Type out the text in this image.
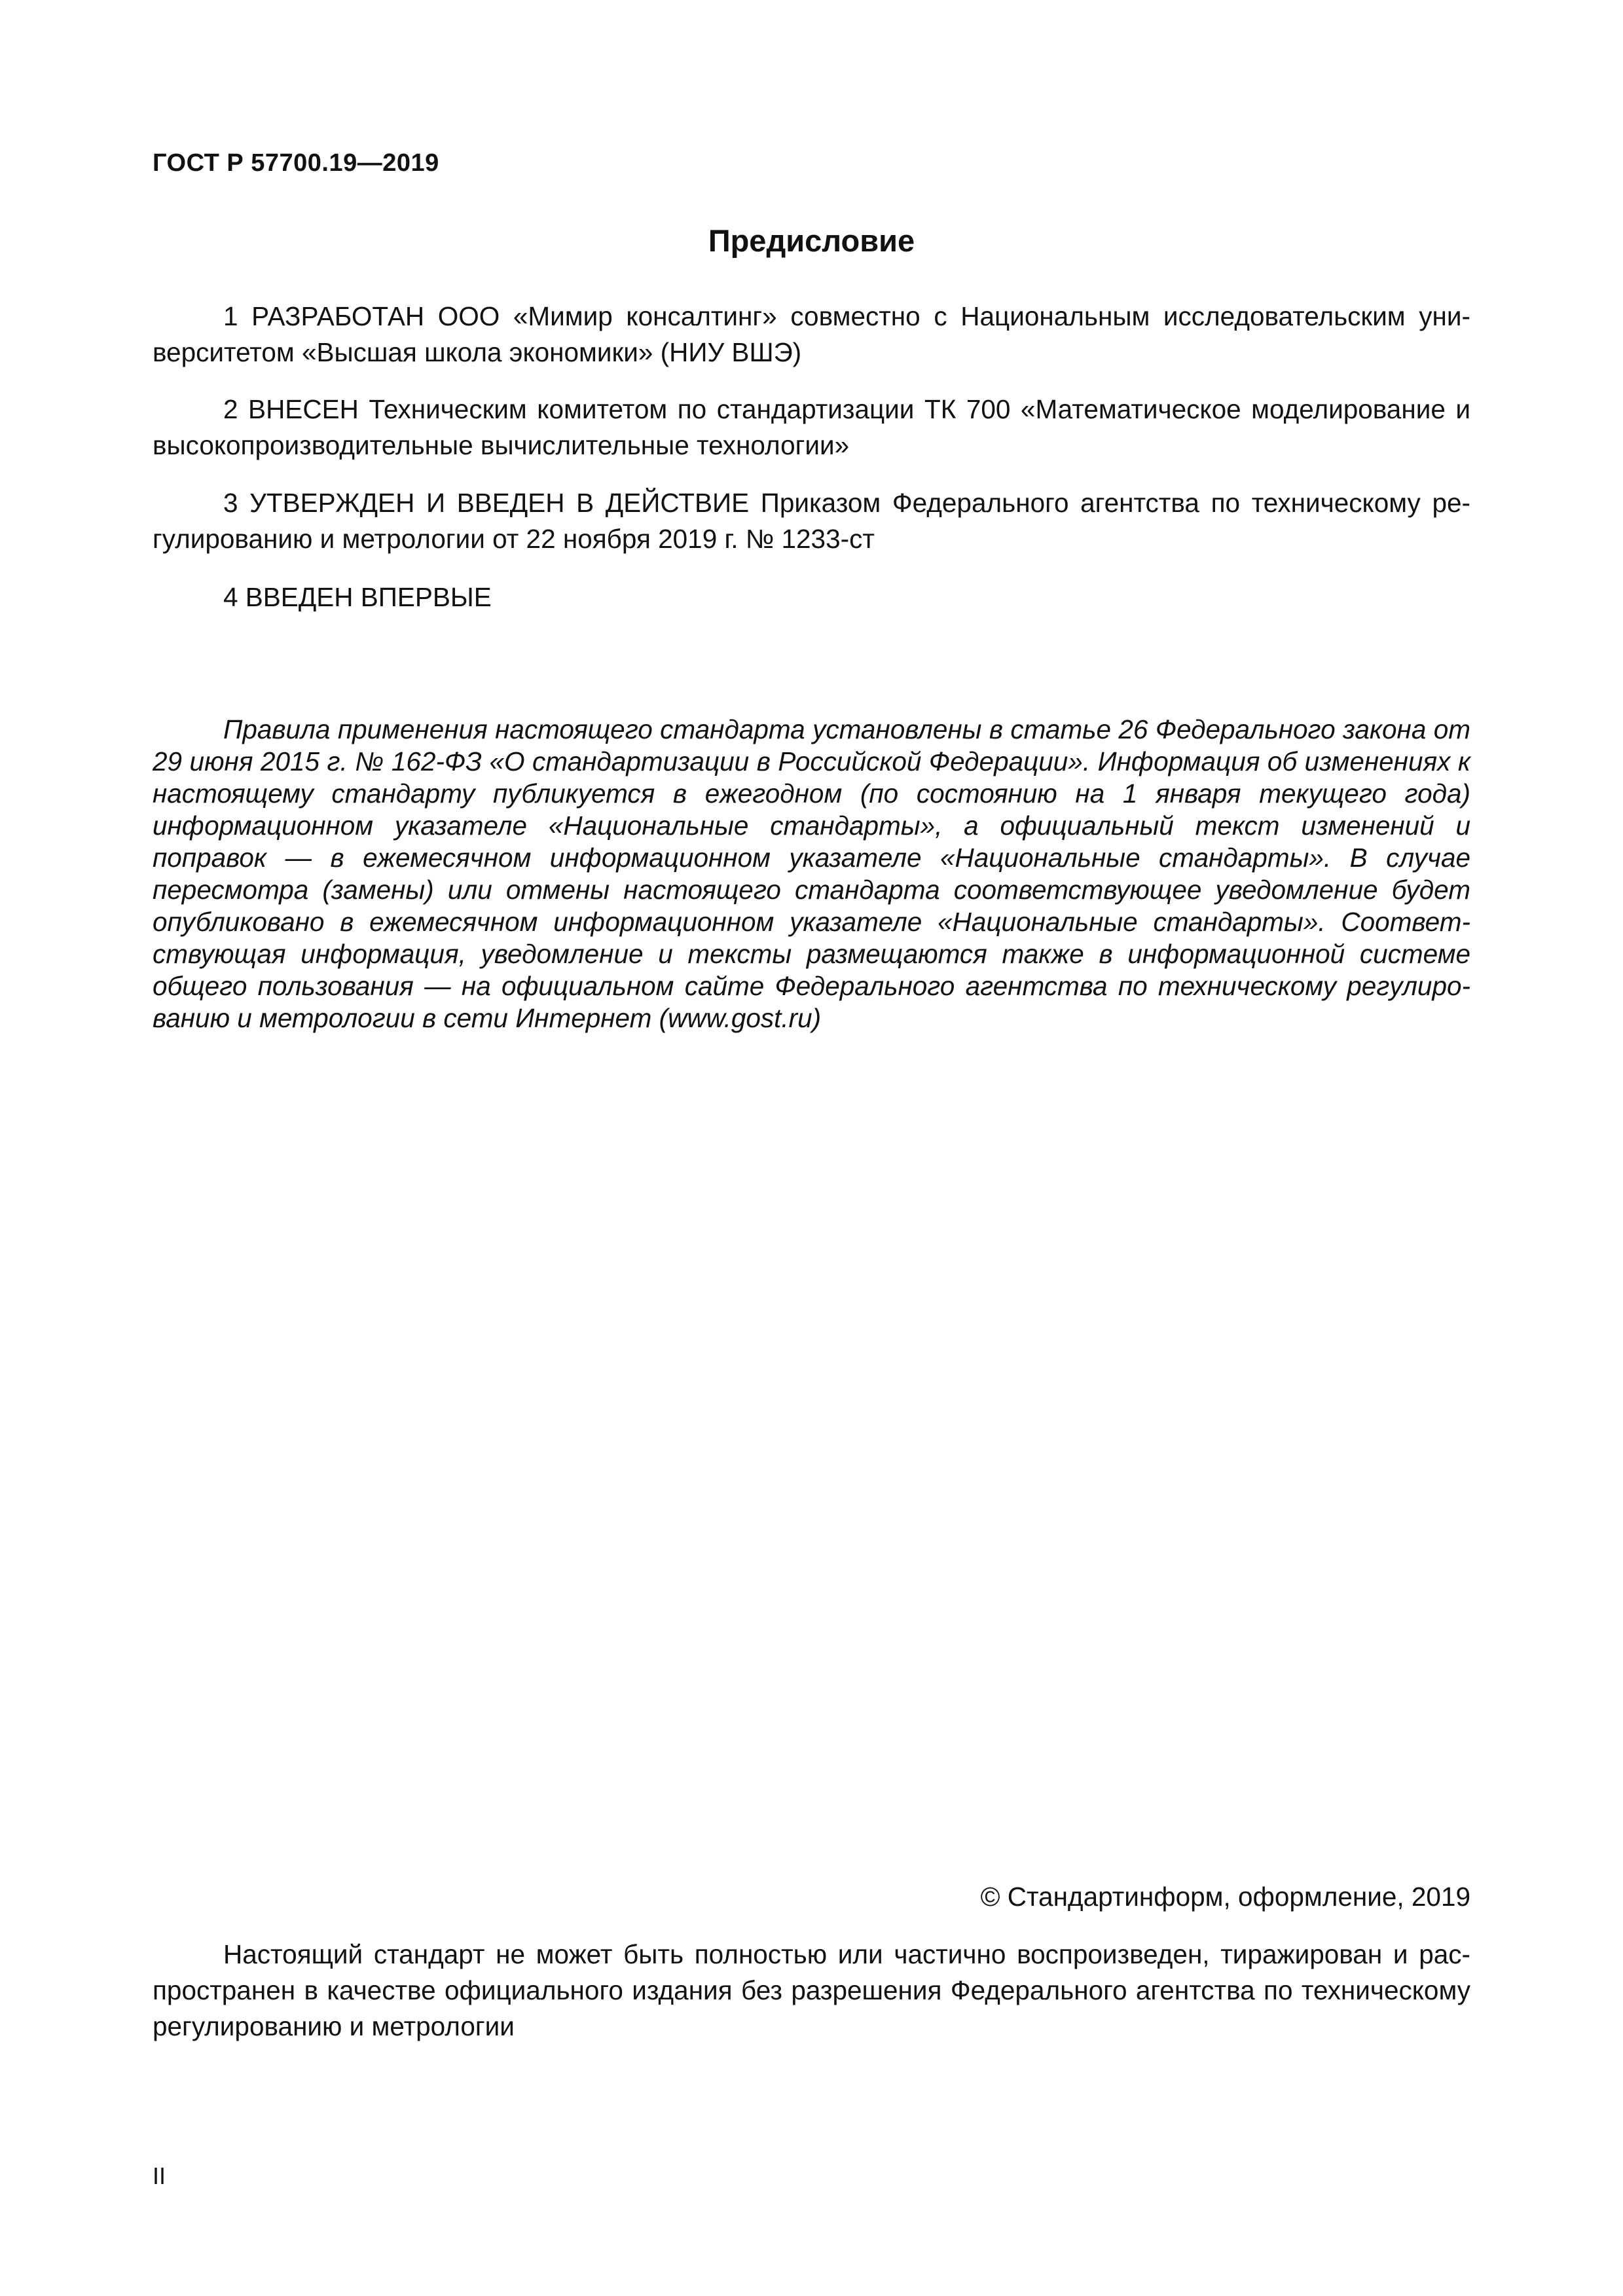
ГОСТ Р 57700.19—2019

Предисловие

1 РАЗРАБОТАН ООО «Мимир консалтинг» совместно с Национальным исследовательским университетом «Высшая школа экономики» (НИУ ВШЭ)

2 ВНЕСЕН Техническим комитетом по стандартизации ТК 700 «Математическое моделирование и высокопроизводительные вычислительные технологии»

3 УТВЕРЖДЕН И ВВЕДЕН В ДЕЙСТВИЕ Приказом Федерального агентства по техническому регулированию и метрологии от 22 ноября 2019 г. № 1233-ст

4 ВВЕДЕН ВПЕРВЫЕ

Правила применения настоящего стандарта установлены в статье 26 Федерального закона от 29 июня 2015 г. № 162-ФЗ «О стандартизации в Российской Федерации». Информация об изменениях к настоящему стандарту публикуется в ежегодном (по состоянию на 1 января текущего года) информационном указателе «Национальные стандарты», а официальный текст изменений и поправок — в ежемесячном информационном указателе «Национальные стандарты». В случае пересмотра (замены) или отмены настоящего стандарта соответствующее уведомление будет опубликовано в ежемесячном информационном указателе «Национальные стандарты». Соответствующая информация, уведомление и тексты размещаются также в информационной системе общего пользования — на официальном сайте Федерального агентства по техническому регулированию и метрологии в сети Интернет (www.gost.ru)

© Стандартинформ, оформление, 2019

Настоящий стандарт не может быть полностью или частично воспроизведен, тиражирован и распространен в качестве официального издания без разрешения Федерального агентства по техническому регулированию и метрологии

II
